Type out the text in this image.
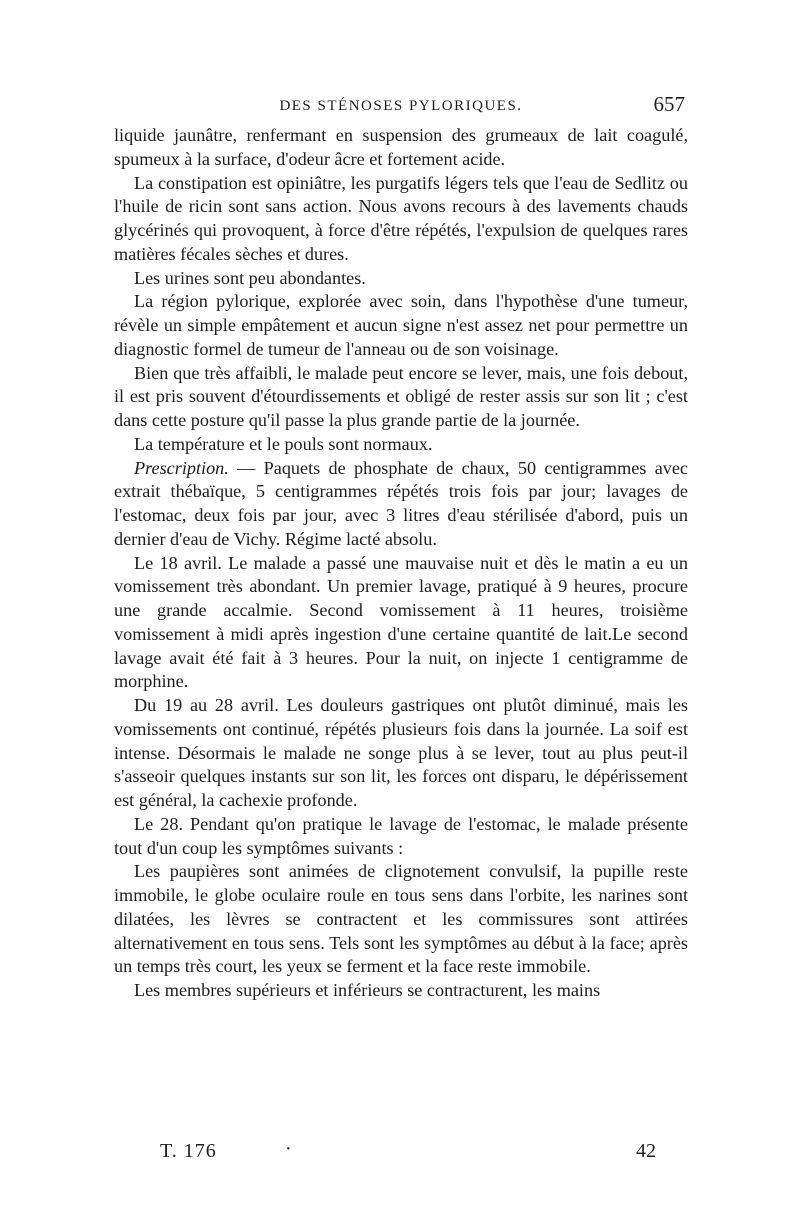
DES STÉNOSES PYLORIQUES.	657

liquide jaunâtre, renfermant en suspension des grumeaux de lait coagulé, spumeux à la surface, d'odeur âcre et fortement acide.

La constipation est opiniâtre, les purgatifs légers tels que l'eau de Sedlitz ou l'huile de ricin sont sans action. Nous avons recours à des lavements chauds glycérinés qui provoquent, à force d'être répétés, l'expulsion de quelques rares matières fécales sèches et dures.

Les urines sont peu abondantes.

La région pylorique, explorée avec soin, dans l'hypothèse d'une tumeur, révèle un simple empâtement et aucun signe n'est assez net pour permettre un diagnostic formel de tumeur de l'anneau ou de son voisinage.

Bien que très affaibli, le malade peut encore se lever, mais, une fois debout, il est pris souvent d'étourdissements et obligé de rester assis sur son lit ; c'est dans cette posture qu'il passe la plus grande partie de la journée.

La température et le pouls sont normaux.

Prescription. — Paquets de phosphate de chaux, 50 centigrammes avec extrait thébaïque, 5 centigrammes répétés trois fois par jour; lavages de l'estomac, deux fois par jour, avec 3 litres d'eau stérilisée d'abord, puis un dernier d'eau de Vichy. Régime lacté absolu.

Le 18 avril. Le malade a passé une mauvaise nuit et dès le matin a eu un vomissement très abondant. Un premier lavage, pratiqué à 9 heures, procure une grande accalmie. Second vomissement à 11 heures, troisième vomissement à midi après ingestion d'une certaine quantité de lait.Le second lavage avait été fait à 3 heures. Pour la nuit, on injecte 1 centigramme de morphine.

Du 19 au 28 avril. Les douleurs gastriques ont plutôt diminué, mais les vomissements ont continué, répétés plusieurs fois dans la journée. La soif est intense. Désormais le malade ne songe plus à se lever, tout au plus peut-il s'asseoir quelques instants sur son lit, les forces ont disparu, le dépérissement est général, la cachexie profonde.

Le 28. Pendant qu'on pratique le lavage de l'estomac, le malade présente tout d'un coup les symptômes suivants :

Les paupières sont animées de clignotement convulsif, la pupille reste immobile, le globe oculaire roule en tous sens dans l'orbite, les narines sont dilatées, les lèvres se contractent et les commissures sont attirées alternativement en tous sens. Tels sont les symptômes au début à la face; après un temps très court, les yeux se ferment et la face reste immobile.

Les membres supérieurs et inférieurs se contracturent, les mains

T. 176	·	42
